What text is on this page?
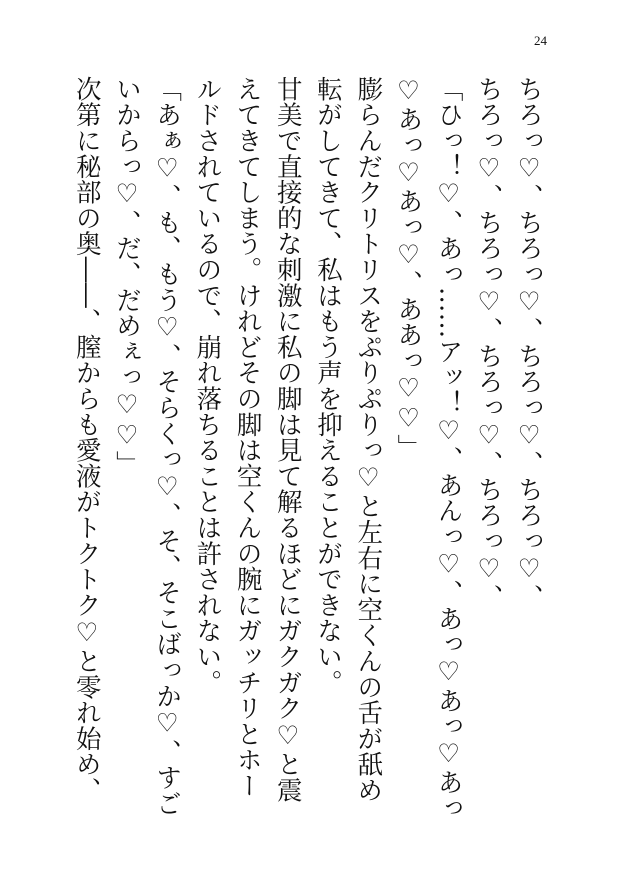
24
ちろっ♡、ちろっ♡、ちろっ♡、ちろっ♡、
ちろっ♡、ちろっ♡、ちろっ♡、ちろっ♡、
「ひっ！♡、あっ……アッ！♡、あんっ♡、あっ♡あっ♡あっ
♡あっ♡あっ♡、ああっ♡♡」
膨らんだクリトリスをぷりぷりっ♡と左右に空くんの舌が舐め
転がしてきて、私はもう声を抑えることができない。
甘美で直接的な刺激に私の脚は見て解るほどにガクガク♡と震
えてきてしまう。けれどその脚は空くんの腕にガッチリとホー
ルドされているので、崩れ落ちることは許されない。
「あぁ♡、も、もう♡、そらくっ♡、そ、そこばっか♡、すご
いからっ♡、だ、だめぇっ♡♡」
次第に秘部の奥――、膣からも愛液がトクトク♡と零れ始め、
